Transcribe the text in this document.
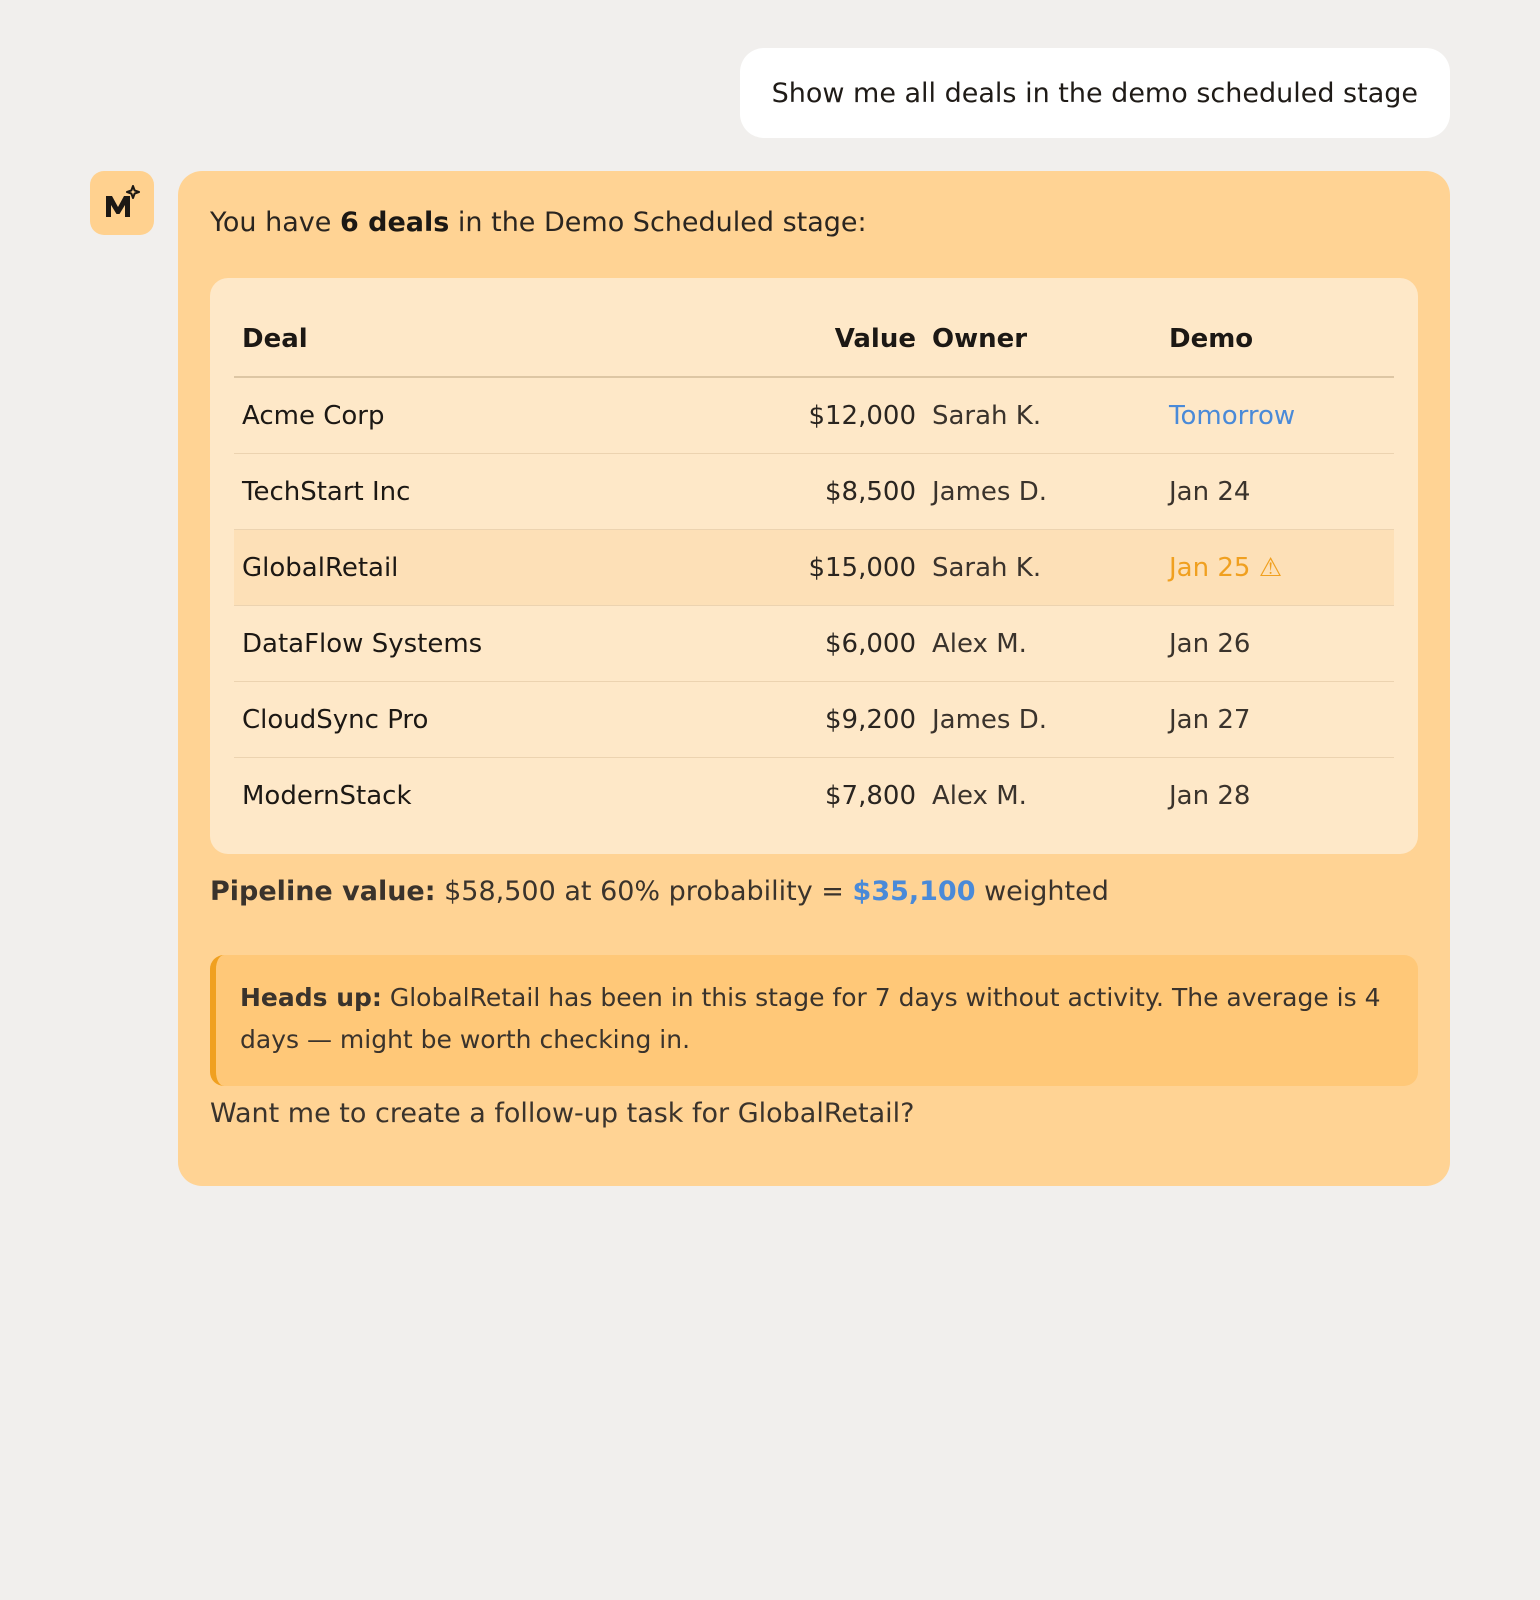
Show me all deals in the demo scheduled stage
You have 6 deals in the Demo Scheduled stage:
Deal	Value	Owner	Demo
Acme Corp	$12,000	Sarah K.	Tomorrow
TechStart Inc	$8,500	James D.	Jan 24
GlobalRetail	$15,000	Sarah K.	Jan 25 ⚠
DataFlow Systems	$6,000	Alex M.	Jan 26
CloudSync Pro	$9,200	James D.	Jan 27
ModernStack	$7,800	Alex M.	Jan 28
Pipeline value: $58,500 at 60% probability = $35,100 weighted
Heads up: GlobalRetail has been in this stage for 7 days without activity. The average is 4 days — might be worth checking in.
Want me to create a follow-up task for GlobalRetail?
